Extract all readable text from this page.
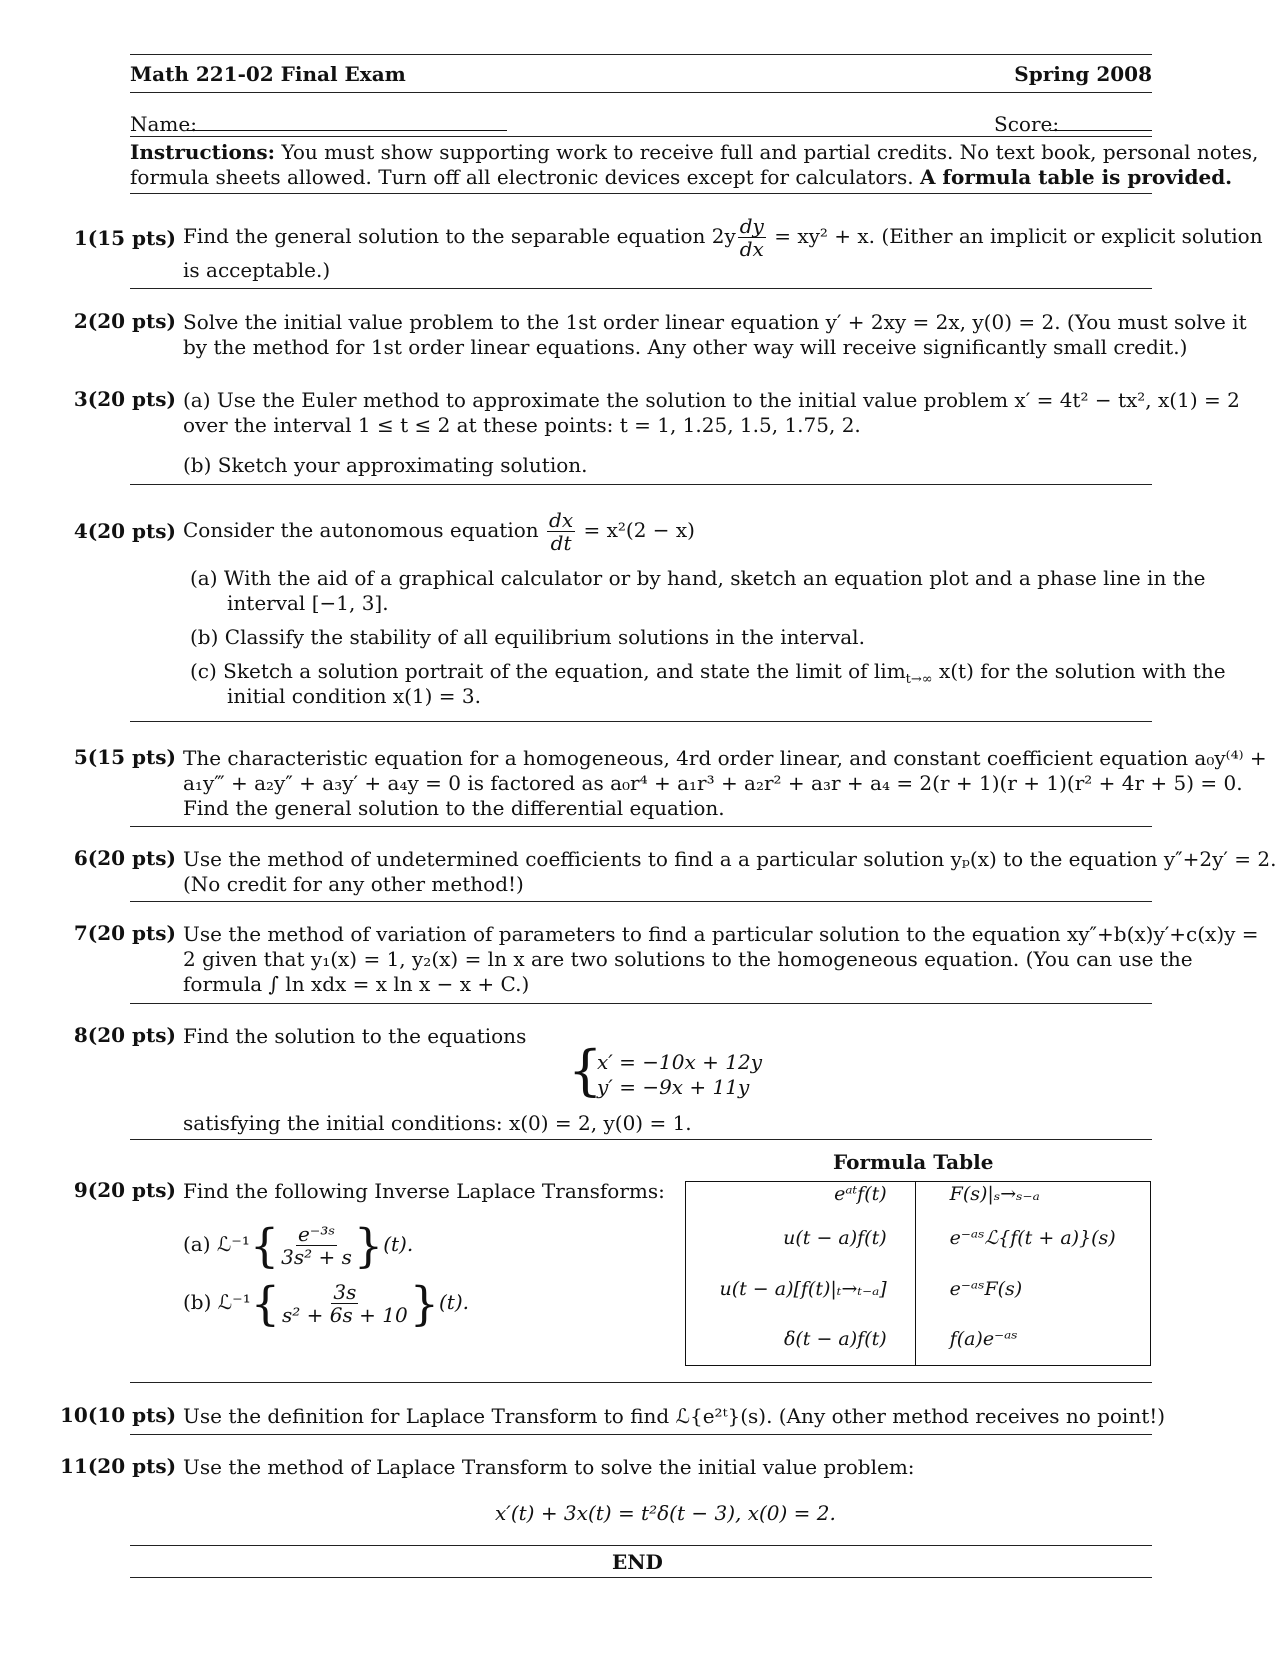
Math 221-02 Final Exam	Spring 2008
Name:	Score:
Instructions: You must show supporting work to receive full and partial credits. No text book, personal notes,
formula sheets allowed. Turn off all electronic devices except for calculators. A formula table is provided.
1(15 pts) Find the general solution to the separable equation $2y \frac{dy}{dx} = xy^2 + x$. (Either an implicit or explicit solution
is acceptable.)
2(20 pts) Solve the initial value problem to the 1st order linear equation y′ + 2xy = 2x, y(0) = 2. (You must solve it
by the method for 1st order linear equations. Any other way will receive significantly small credit.)
3(20 pts) (a) Use the Euler method to approximate the solution to the initial value problem x′ = 4t² − tx², x(1) = 2
over the interval 1 ≤ t ≤ 2 at these points: t = 1, 1.25, 1.5, 1.75, 2.
(b) Sketch your approximating solution.
4(20 pts) Consider the autonomous equation $\frac{dx}{dt} = x^2(2 - x)$
(a) With the aid of a graphical calculator or by hand, sketch an equation plot and a phase line in the
interval [−1, 3].
(b) Classify the stability of all equilibrium solutions in the interval.
(c) Sketch a solution portrait of the equation, and state the limit of $\lim_{t\to\infty} x(t)$ for the solution with the
initial condition x(1) = 3.
5(15 pts) The characteristic equation for a homogeneous, 4rd order linear, and constant coefficient equation a₀y⁽⁴⁾ +
a₁y‴ + a₂y″ + a₃y′ + a₄y = 0 is factored as a₀r⁴ + a₁r³ + a₂r² + a₃r + a₄ = 2(r + 1)(r + 1)(r² + 4r + 5) = 0.
Find the general solution to the differential equation.
6(20 pts) Use the method of undetermined coefficients to find a a particular solution yₚ(x) to the equation y″+2y′ = 2.
(No credit for any other method!)
7(20 pts) Use the method of variation of parameters to find a particular solution to the equation xy″+b(x)y′+c(x)y =
2 given that y₁(x) = 1, y₂(x) = ln x are two solutions to the homogeneous equation. (You can use the
formula ∫ ln xdx = x ln x − x + C.)
8(20 pts) Find the solution to the equations
{
x′ = −10x + 12y
y′ = −9x + 11y
satisfying the initial conditions: x(0) = 2, y(0) = 1.
9(20 pts) Find the following Inverse Laplace Transforms:
(a) ℒ⁻¹{ $\frac{\text{e⁻³ˢ}}{\text{3s² + s}} \}(t)$.
(b) ℒ⁻¹{ $\frac{3s}{\text{s² + 6s + 10}} \}(t)$.
Formula Table
eᵃᵗf(t)	F(s)|ₛ→ₛ₋ₐ
u(t − a)f(t)	e⁻ᵃˢℒ{f(t + a)}(s)
u(t − a)[f(t)|ₜ→ₜ₋ₐ]	e⁻ᵃˢF(s)
δ(t − a)f(t)	f(a)e⁻ᵃˢ
10(10 pts) Use the definition for Laplace Transform to find ℒ{e²ᵗ}(s). (Any other method receives no point!)
11(20 pts) Use the method of Laplace Transform to solve the initial value problem:
x′(t) + 3x(t) = t²δ(t − 3), x(0) = 2.
END
